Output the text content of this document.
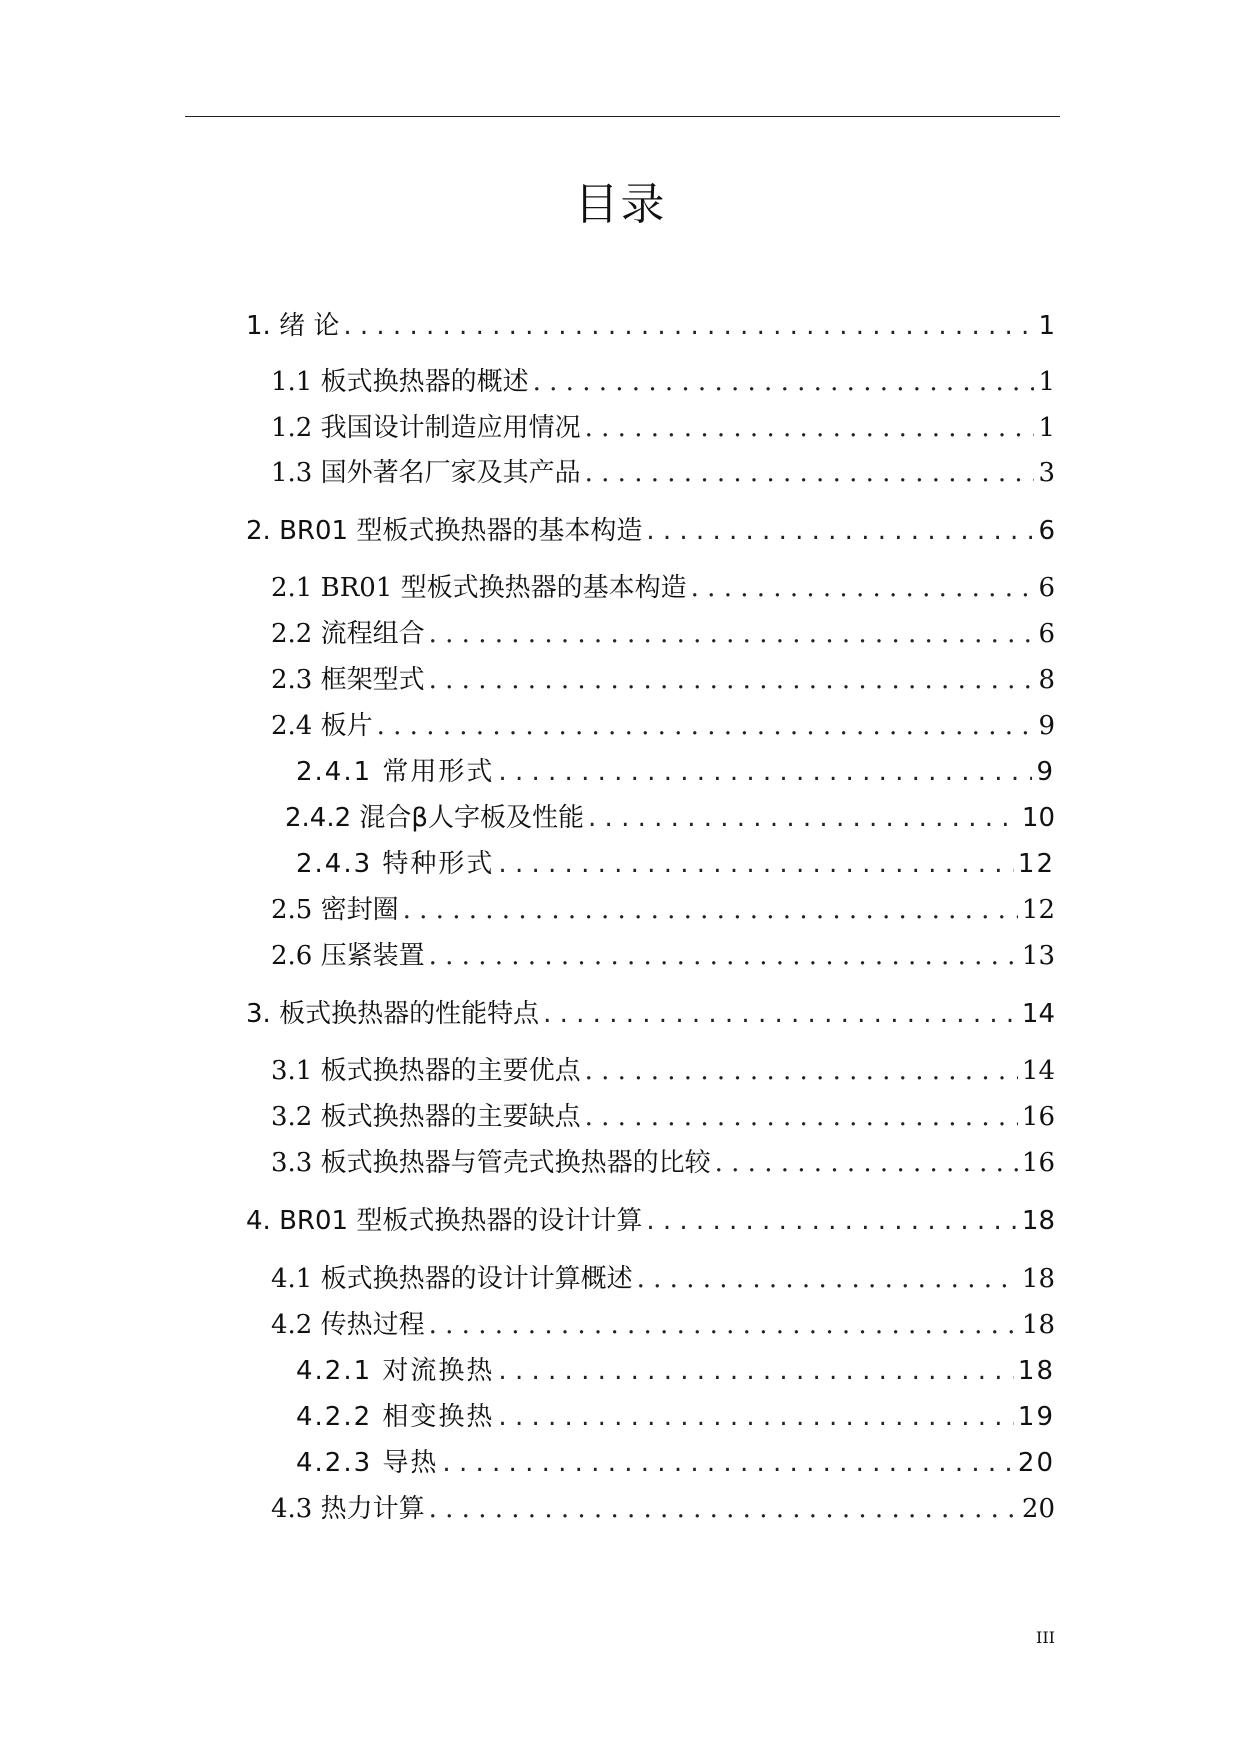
目录
1. 绪 论 . . .	1
1.1 板式换热器的概述 . . .	1
1.2 我国设计制造应用情况 . . .	1
1.3 国外著名厂家及其产品 . . .	3
2. BR01 型板式换热器的基本构造 . . .	6
2.1 BR01 型板式换热器的基本构造 . . .	6
2.2 流程组合 . . .	6
2.3 框架型式 . . .	8
2.4 板片 . . .	9
2.4.1 常用形式 . . .	9
2.4.2 混合β人字板及性能 . . .	10
2.4.3 特种形式 . . .	12
2.5 密封圈 . . .	12
2.6 压紧装置 . . .	13
3. 板式换热器的性能特点 . . .	14
3.1 板式换热器的主要优点 . . .	14
3.2 板式换热器的主要缺点 . . .	16
3.3 板式换热器与管壳式换热器的比较 . . .	16
4. BR01 型板式换热器的设计计算 . . .	18
4.1 板式换热器的设计计算概述 . . .	18
4.2 传热过程 . . .	18
4.2.1 对流换热 . . .	18
4.2.2 相变换热 . . .	19
4.2.3 导热 . . .	20
4.3 热力计算 . . .	20
III
